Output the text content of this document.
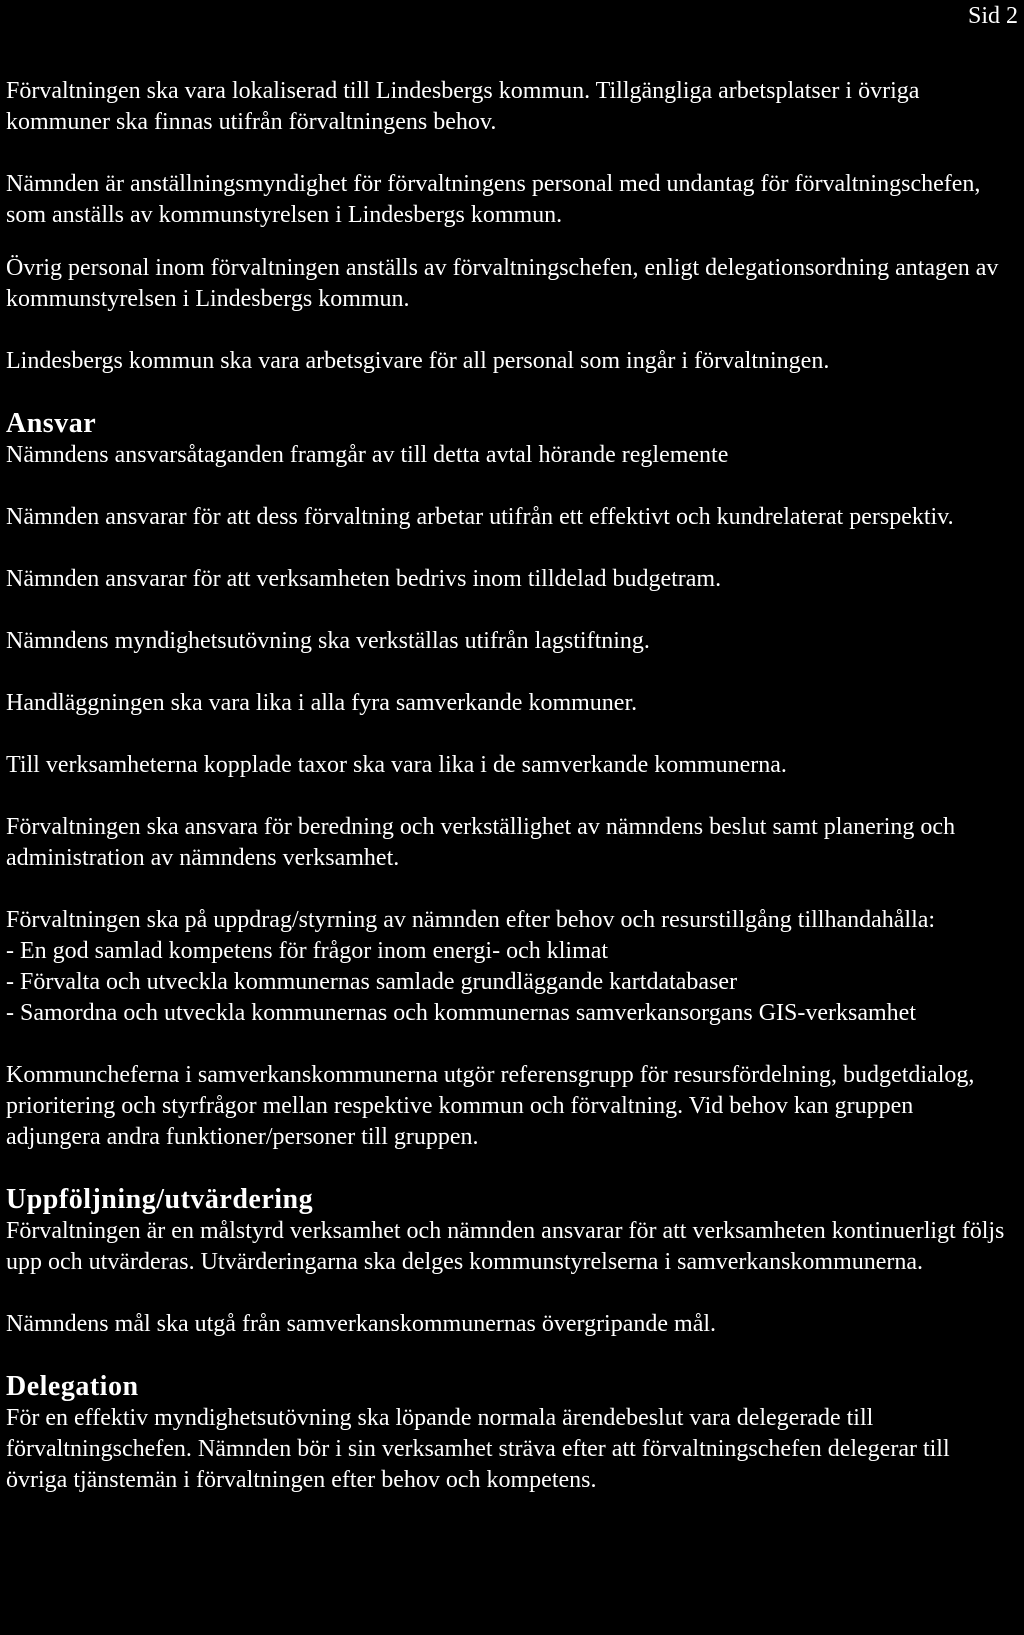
Sid 2

Förvaltningen ska vara lokaliserad till Lindesbergs kommun. Tillgängliga arbetsplatser i övriga kommuner ska finnas utifrån förvaltningens behov.

Nämnden är anställningsmyndighet för förvaltningens personal med undantag för förvaltningschefen, som anställs av kommunstyrelsen i Lindesbergs kommun.

Övrig personal inom förvaltningen anställs av förvaltningschefen, enligt delegationsordning antagen av kommunstyrelsen i Lindesbergs kommun.

Lindesbergs kommun ska vara arbetsgivare för all personal som ingår i förvaltningen.

Ansvar

Nämndens ansvarsåtaganden framgår av till detta avtal hörande reglemente

Nämnden ansvarar för att dess förvaltning arbetar utifrån ett effektivt och kundrelaterat perspektiv.

Nämnden ansvarar för att verksamheten bedrivs inom tilldelad budgetram.

Nämndens myndighetsutövning ska verkställas utifrån lagstiftning.

Handläggningen ska vara lika i alla fyra samverkande kommuner.

Till verksamheterna kopplade taxor ska vara lika i de samverkande kommunerna.

Förvaltningen ska ansvara för beredning och verkställighet av nämndens beslut samt planering och administration av nämndens verksamhet.

Förvaltningen ska på uppdrag/styrning av nämnden efter behov och resurstillgång tillhandahålla:

- En god samlad kompetens för frågor inom energi- och klimat
- Förvalta och utveckla kommunernas samlade grundläggande kartdatabaser
- Samordna och utveckla kommunernas och kommunernas samverkansorgans GIS-verksamhet

Kommuncheferna i samverkanskommunerna utgör referensgrupp för resursfördelning, budgetdialog, prioritering och styrfrågor mellan respektive kommun och förvaltning. Vid behov kan gruppen adjungera andra funktioner/personer till gruppen.

Uppföljning/utvärdering

Förvaltningen är en målstyrd verksamhet och nämnden ansvarar för att verksamheten kontinuerligt följs upp och utvärderas. Utvärderingarna ska delges kommunstyrelserna i samverkanskommunerna.

Nämndens mål ska utgå från samverkanskommunernas övergripande mål.

Delegation

För en effektiv myndighetsutövning ska löpande normala ärendebeslut vara delegerade till förvaltningschefen. Nämnden bör i sin verksamhet sträva efter att förvaltningschefen delegerar till övriga tjänstemän i förvaltningen efter behov och kompetens.
